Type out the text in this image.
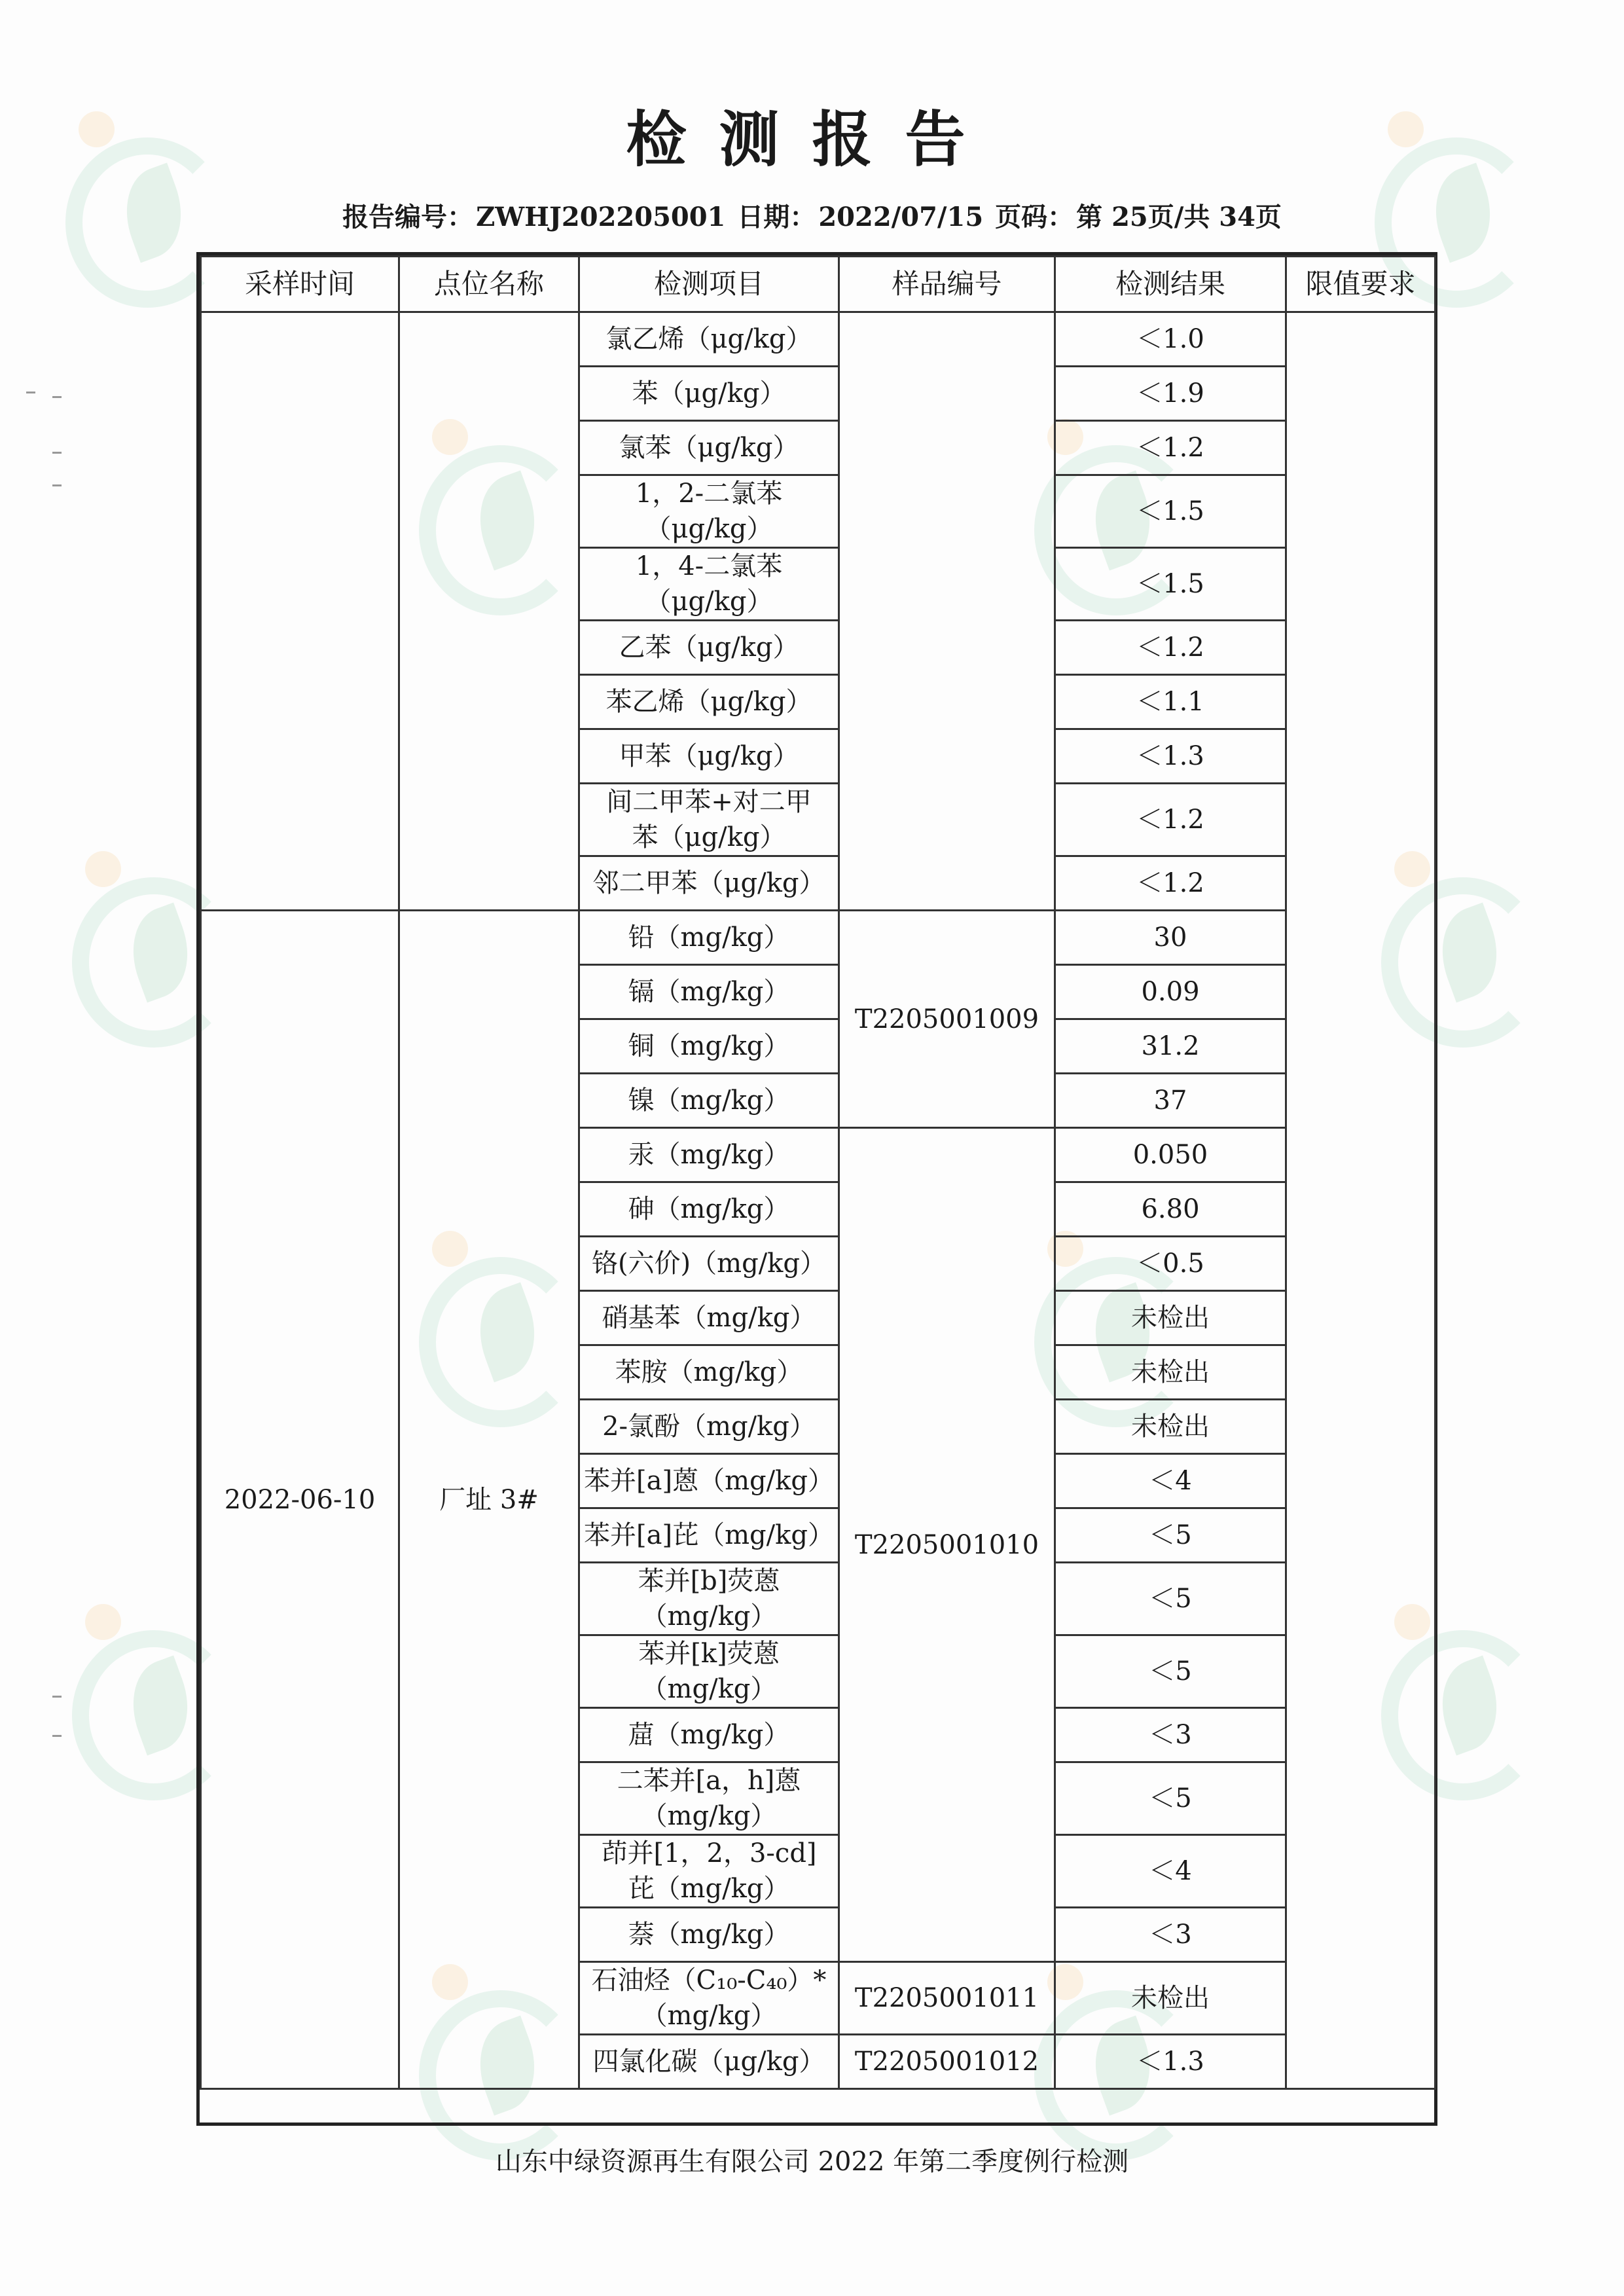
检测报告
报告编号： ZWHJ202205001 日期： 2022/07/15 页码： 第 25页/共 34页
采样时间	点位名称	检测项目	样品编号	检测结果	限值要求
		氯乙烯（μg/kg）		＜1.0	
		苯（μg/kg）		＜1.9	
		氯苯（μg/kg）		＜1.2	
		1，2-二氯苯
（μg/kg）		＜1.5	
		1，4-二氯苯
（μg/kg）		＜1.5	
		乙苯（μg/kg）		＜1.2	
		苯乙烯（μg/kg）		＜1.1	
		甲苯（μg/kg）		＜1.3	
		间二甲苯+对二甲
苯（μg/kg）		＜1.2	
		邻二甲苯（μg/kg）		＜1.2	
2022-06-10	厂址 3#	铅（mg/kg）	T2205001009	30	
		镉（mg/kg）		0.09	
		铜（mg/kg）		31.2	
		镍（mg/kg）		37	
		汞（mg/kg）	T2205001010	0.050	
		砷（mg/kg）		6.80	
		铬(六价)（mg/kg）		＜0.5	
		硝基苯（mg/kg）		未检出	
		苯胺（mg/kg）		未检出	
		2-氯酚（mg/kg）		未检出	
		苯并[a]蒽（mg/kg）		＜4	
		苯并[a]芘（mg/kg）		＜5	
		苯并[b]荧蒽
（mg/kg）		＜5	
		苯并[k]荧蒽
（mg/kg）		＜5	
		䓛（mg/kg）		＜3	
		二苯并[a，h]蒽
（mg/kg）		＜5	
		茚并[1，2，3-cd]
芘（mg/kg）		＜4	
		萘（mg/kg）		＜3	
		石油烃（C₁₀-C₄₀）*
（mg/kg）	T2205001011	未检出	
		四氯化碳（μg/kg）	T2205001012	＜1.3	
山东中绿资源再生有限公司 2022 年第二季度例行检测
